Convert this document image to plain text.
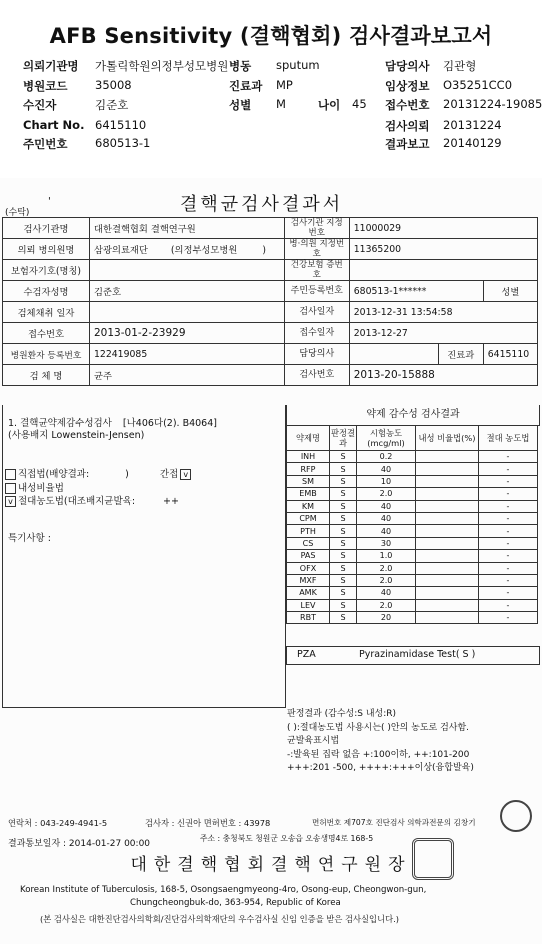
AFB Sensitivity (결핵협회) 검사결과보고서
의뢰기관명 가톨릭학원의정부성모병원 병동 sputum	담당의사 김관형
병원코드 35008	진료과 MP	임상정보 O35251CC0
수진자	김준호	성별 M	나이 45 접수번호 20131224-19085
Chart No. 6415110	검사의뢰 20131224
주민번호 680513-1	결과보고 20140129
'	결핵균검사결과서
(수탁)
검사기관명	대한결핵협회 결핵연구원	검사기관 지정번호	11000029		
의뢰 병의원명	삼광의료재단 (의정부성모병원 )	병·의원 지정번호	11365200		
보험자기호(명칭)		건강보험 증번호			
수검자성명	김준호	주민등록번호	680513-1******		성별
검체채취 일자		검사일자	2013-12-31 13:54:58		
접수번호	2013-01-2-23929	접수일자	2013-12-27		
병원환자 등록번호	122419085	담당의사		진료과	6415110
검 체 명	균주	검사번호	2013-20-15888		
1. 결핵균약제감수성검사 [나406다(2). B4064]
(사용배지 Lowenstein-Jensen)
직접법(배양결과:	)	간접 v
내성비율법
v 절대농도법(대조배지균발육:	++
특기사항 :
약제 감수성 검사결과
약제명	판정결과	시험농도 (mcg/ml)	내성 비율법(%)	절대 농도법
INH	S	0.2		-
RFP	S	40		-
SM	S	10		-
EMB	S	2.0		-
KM	S	40		-
CPM	S	40		-
PTH	S	40		-
CS	S	30		-
PAS	S	1.0		-
OFX	S	2.0		-
MXF	S	2.0		-
AMK	S	40		-
LEV	S	2.0		-
RBT	S	20		-
PZA	Pyrazinamidase Test( S )
판정결과 (감수성:S 내성:R)
( ):절대농도법 사용시는( )안의 농도로 검사함.
균발육표시법
-:발육된 집락 없음 +:100이하, ++:101-200
+++:201 -500, ++++:+++이상(융합발육)
연락처 : 043-249-4941-5	검사자 : 신권아 면허번호 : 43978	면허번호 제707호 진단검사 의학과전문의 김창기
결과통보일자 : 2014-01-27 00:00
주소 : 충청북도 청원군 오송읍 오송생명4로 168-5
대한결핵협회결핵연구원장
Korean Institute of Tuberculosis, 168-5, Osongsaengmyeong-4ro, Osong-eup, Cheongwon-gun,
Chungcheongbuk-do, 363-954, Republic of Korea
(본 검사실은 대한진단검사의학회/진단검사의학재단의 우수검사실 신임 인증을 받은 검사실입니다.)
